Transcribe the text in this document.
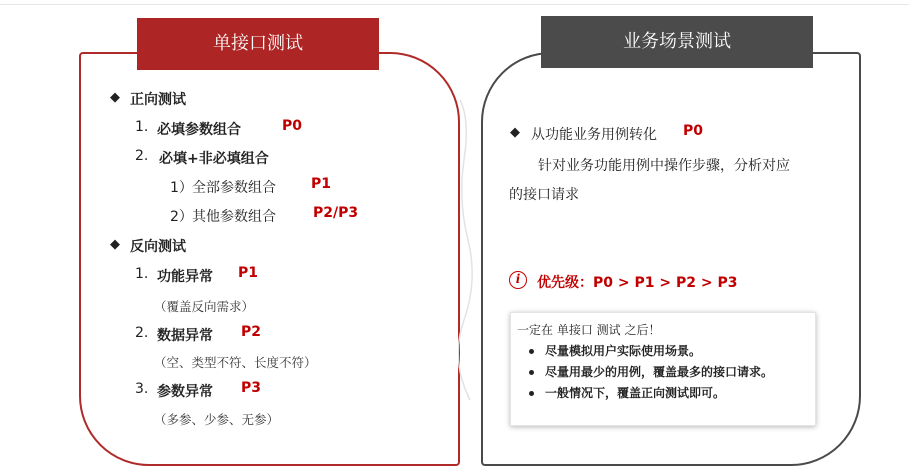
单接口测试
◆ 正向测试
1. 必填参数组合	P0
2. 必填+非必填组合
1） 全部参数组合	P1
2） 其他参数组合	P2/P3
◆ 反向测试
1. 功能异常 P1
（覆盖反向需求）
2. 数据异常 P2
（空、类型不符、长度不符）
3. 参数异常 P3
（多参、少参、无参）
业务场景测试
◆ 从功能业务用例转化 P0
针对业务功能用例中操作步骤，分析对应
的接口请求
i	优先级：P0 > P1 > P2 > P3
一定在 单接口 测试 之后！
尽量模拟用户实际使用场景。
尽量用最少的用例，覆盖最多的接口请求。
一般情况下，覆盖正向测试即可。
